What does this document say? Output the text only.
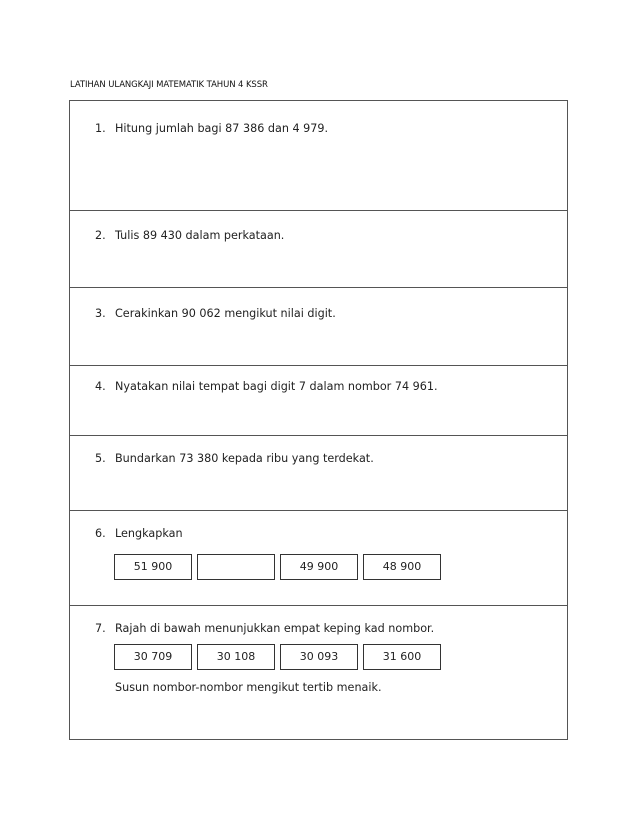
LATIHAN ULANGKAJI MATEMATIK TAHUN 4 KSSR
1. Hitung jumlah bagi 87 386 dan 4 979.
2. Tulis 89 430 dalam perkataan.
3. Cerakinkan 90 062 mengikut nilai digit.
4. Nyatakan nilai tempat bagi digit 7 dalam nombor 74 961.
5. Bundarkan 73 380 kepada ribu yang terdekat.
6. Lengkapkan
51 900	49 900	48 900
7. Rajah di bawah menunjukkan empat keping kad nombor.
30 709	30 108	30 093	31 600
Susun nombor-nombor mengikut tertib menaik.
